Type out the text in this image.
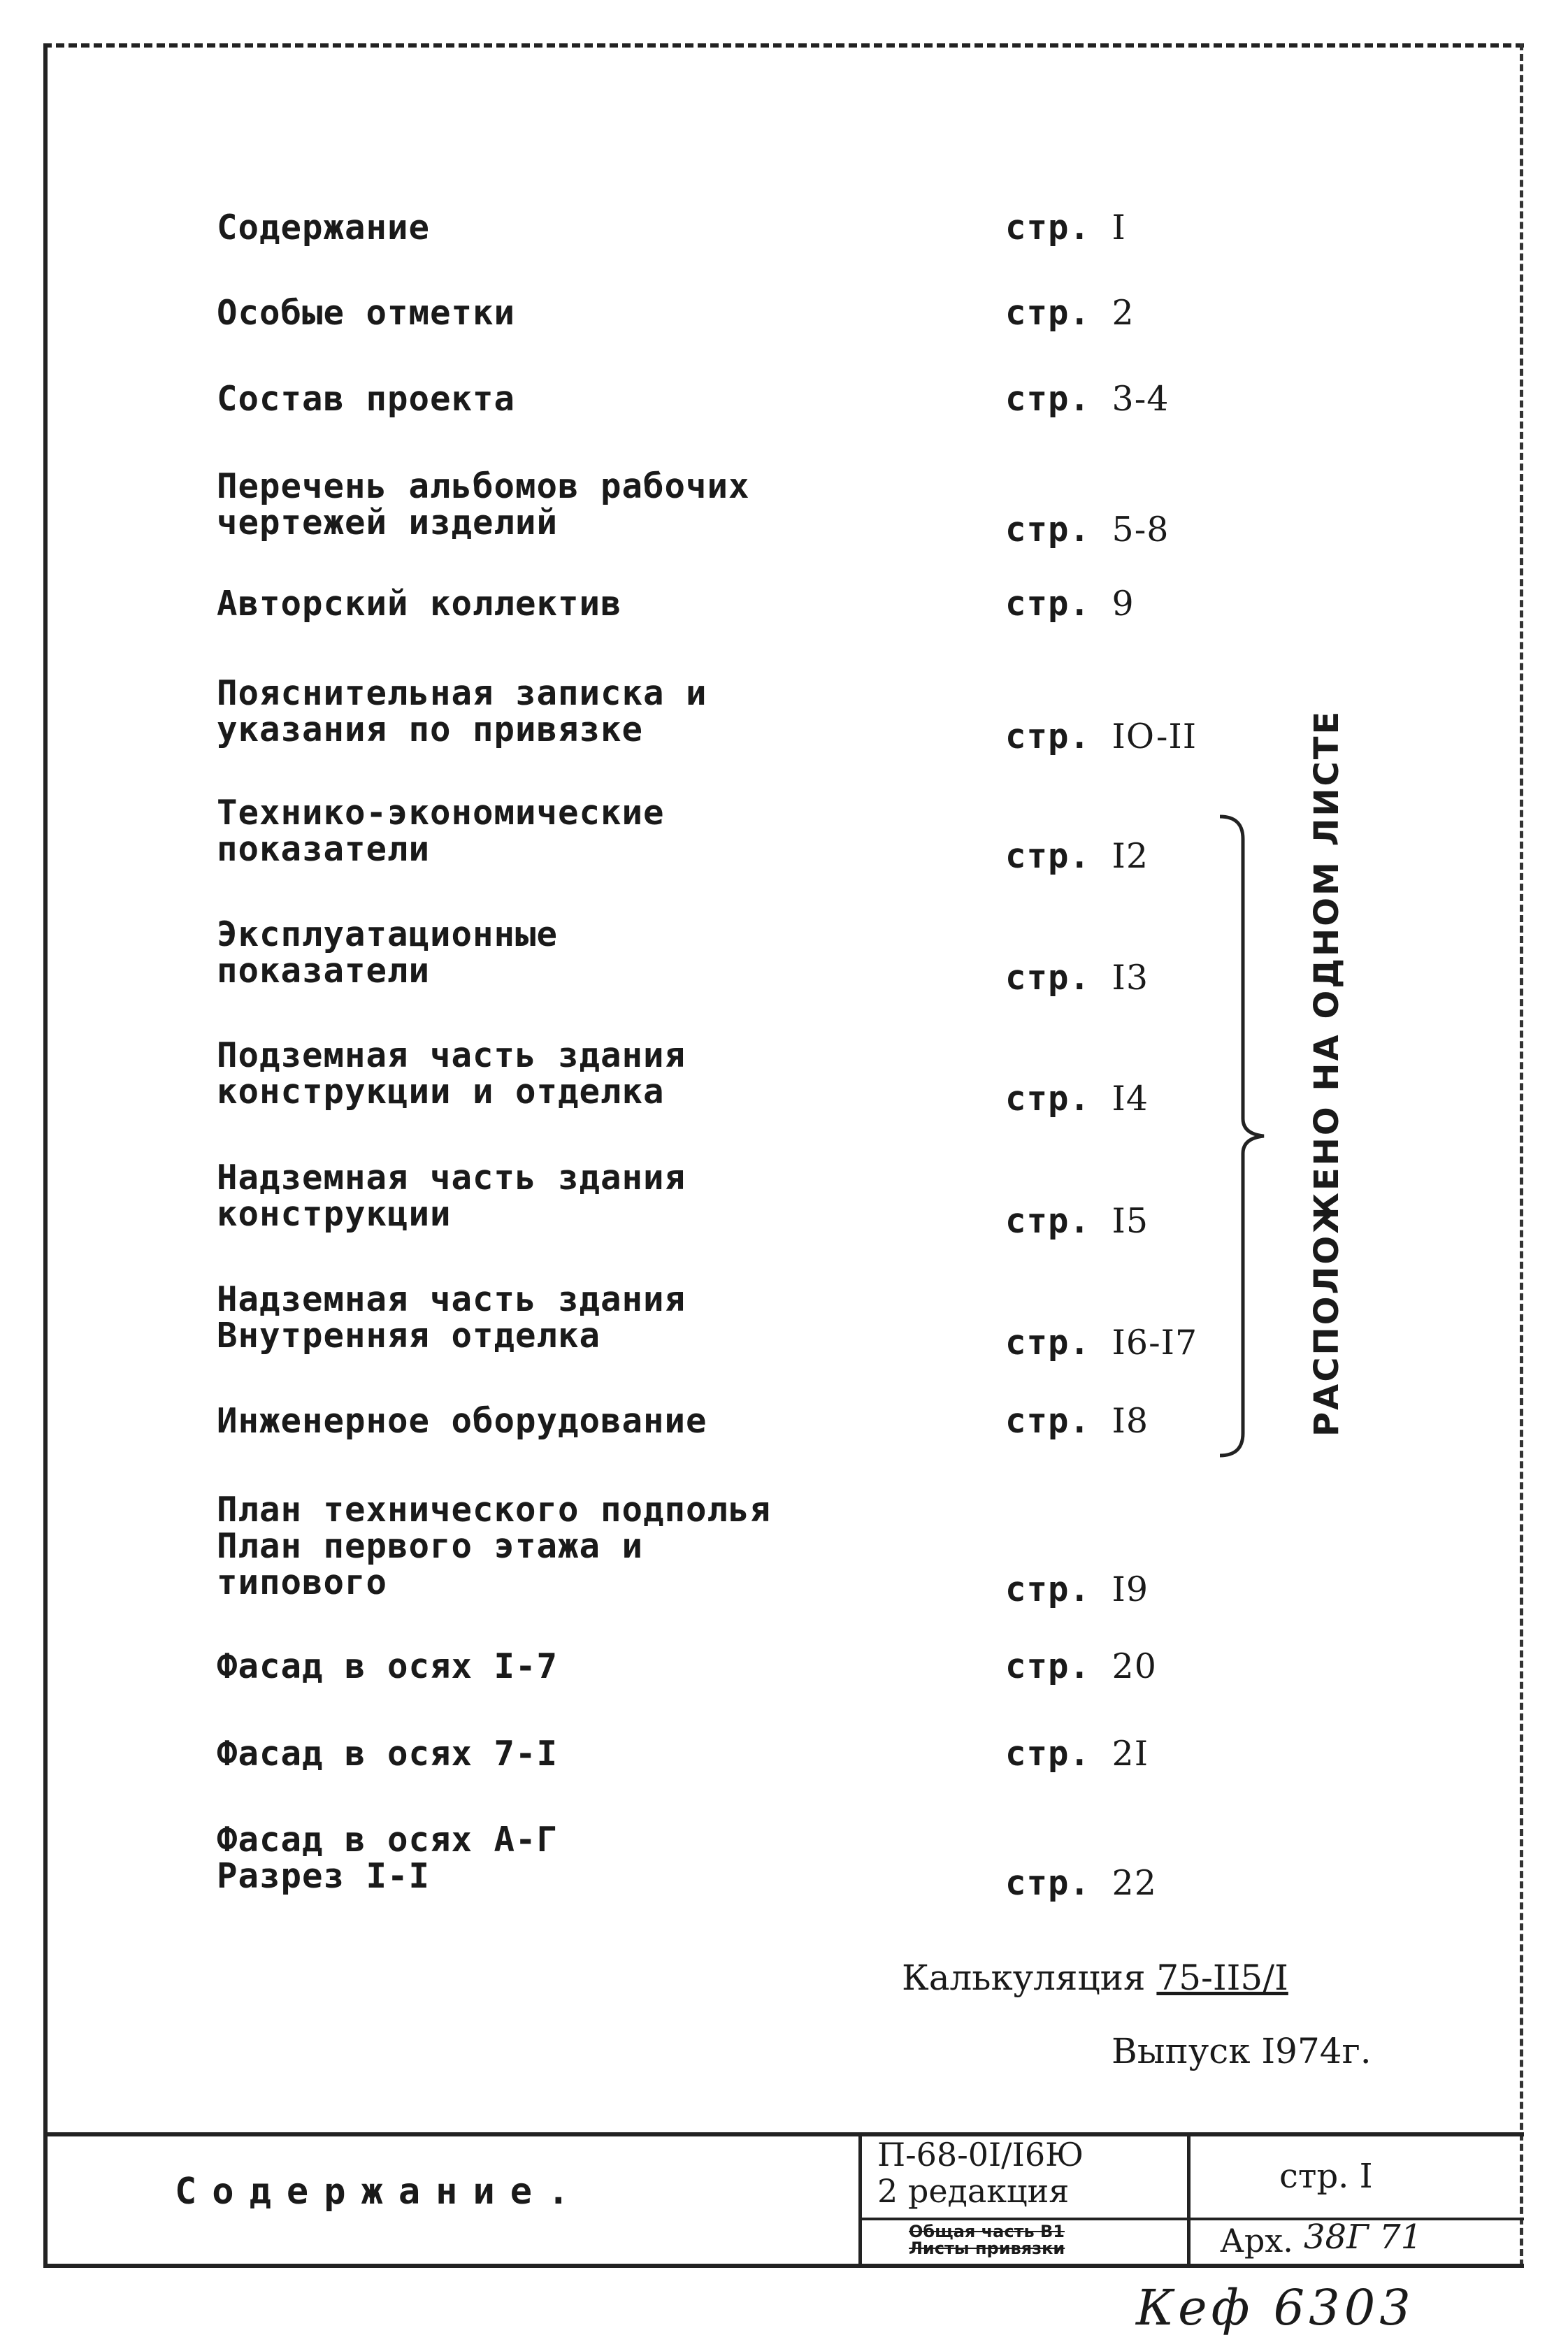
Содержание	стр. I
Особые отметки	стр. 2
Состав проекта	стр. 3-4
Перечень альбомов рабочих
чертежей изделий	стр. 5-8
Авторский коллектив	стр. 9
Пояснительная записка и
указания по привязке	стр. IO-II
Технико-экономические
показатели	стр. I2
Эксплуатационные
показатели	стр. I3
Подземная часть здания
конструкции и отделка	стр. I4
Надземная часть здания
конструкции	стр. I5
Надземная часть здания
Внутренняя отделка	стр. I6-I7
Инженерное оборудование	стр. I8
План технического подполья
План первого этажа и
типового	стр. I9
Фасад в осях I-7	стр. 20
Фасад в осях 7-I	стр. 2I
Фасад в осях А-Г
Разрез I-I	стр. 22
РАСПОЛОЖЕНО НА ОДНОМ ЛИСТЕ
Калькуляция 75-II5/I
Выпуск I974г.
Содержание.
П-68-0I/I6Ю
2 редакция
Общая часть В1
Листы привязки
стр. I
Арх. 38Г 71
Кеф 6303
